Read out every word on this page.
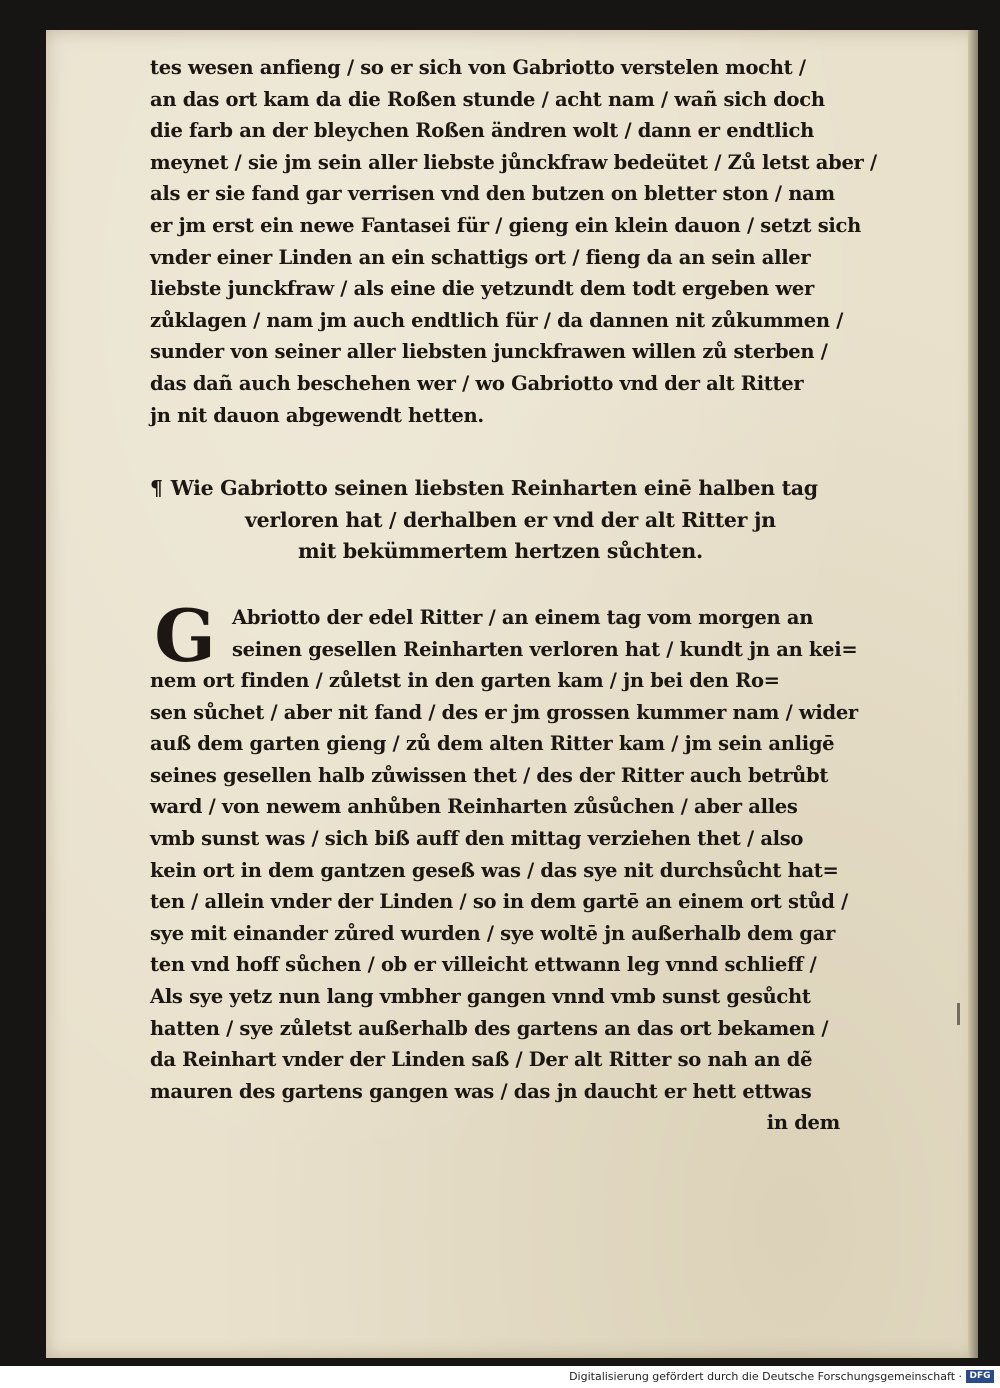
tes wesen anfieng / so er sich von Gabriotto verstelen mocht /
an das ort kam da die Roßen stunde / acht nam / wañ sich doch
die farb an der bleychen Roßen ändren wolt / dann er endtlich
meynet / sie jm sein aller liebste jůnckfraw bedeütet / Zů letst aber /
als er sie fand gar verrisen vnd den butzen on bletter ston / nam
er jm erst ein newe Fantasei für / gieng ein klein dauon / setzt sich
vnder einer Linden an ein schattigs ort / fieng da an sein aller
liebste junckfraw / als eine die yetzundt dem todt ergeben wer
zůklagen / nam jm auch endtlich für / da dannen nit zůkummen /
sunder von seiner aller liebsten junckfrawen willen zů sterben /
das dañ auch beschehen wer / wo Gabriotto vnd der alt Ritter
jn nit dauon abgewendt hetten.
¶ Wie Gabriotto seinen liebsten Reinharten einē halben tag
verloren hat / derhalben er vnd der alt Ritter jn
mit bekümmertem hertzen sůchten.
G Abriotto der edel Ritter / an einem tag vom morgen an
seinen gesellen Reinharten verloren hat / kundt jn an kei=
nem ort finden / zůletst in den garten kam / jn bei den Ro=
sen sůchet / aber nit fand / des er jm grossen kummer nam / wider
auß dem garten gieng / zů dem alten Ritter kam / jm sein anligē
seines gesellen halb zůwissen thet / des der Ritter auch betrůbt
ward / von newem anhůben Reinharten zůsůchen / aber alles
vmb sunst was / sich biß auff den mittag verziehen thet / also
kein ort in dem gantzen geseß was / das sye nit durchsůcht hat=
ten / allein vnder der Linden / so in dem gartē an einem ort stůd /
sye mit einander zůred wurden / sye woltē jn außerhalb dem gar
ten vnd hoff sůchen / ob er villeicht ettwann leg vnnd schlieff /
Als sye yetz nun lang vmbher gangen vnnd vmb sunst gesůcht
hatten / sye zůletst außerhalb des gartens an das ort bekamen /
da Reinhart vnder der Linden saß / Der alt Ritter so nah an dẽ
mauren des gartens gangen was / das jn daucht er hett ettwas
in dem
Digitalisierung gefördert durch die Deutsche Forschungsgemeinschaft · DFG
